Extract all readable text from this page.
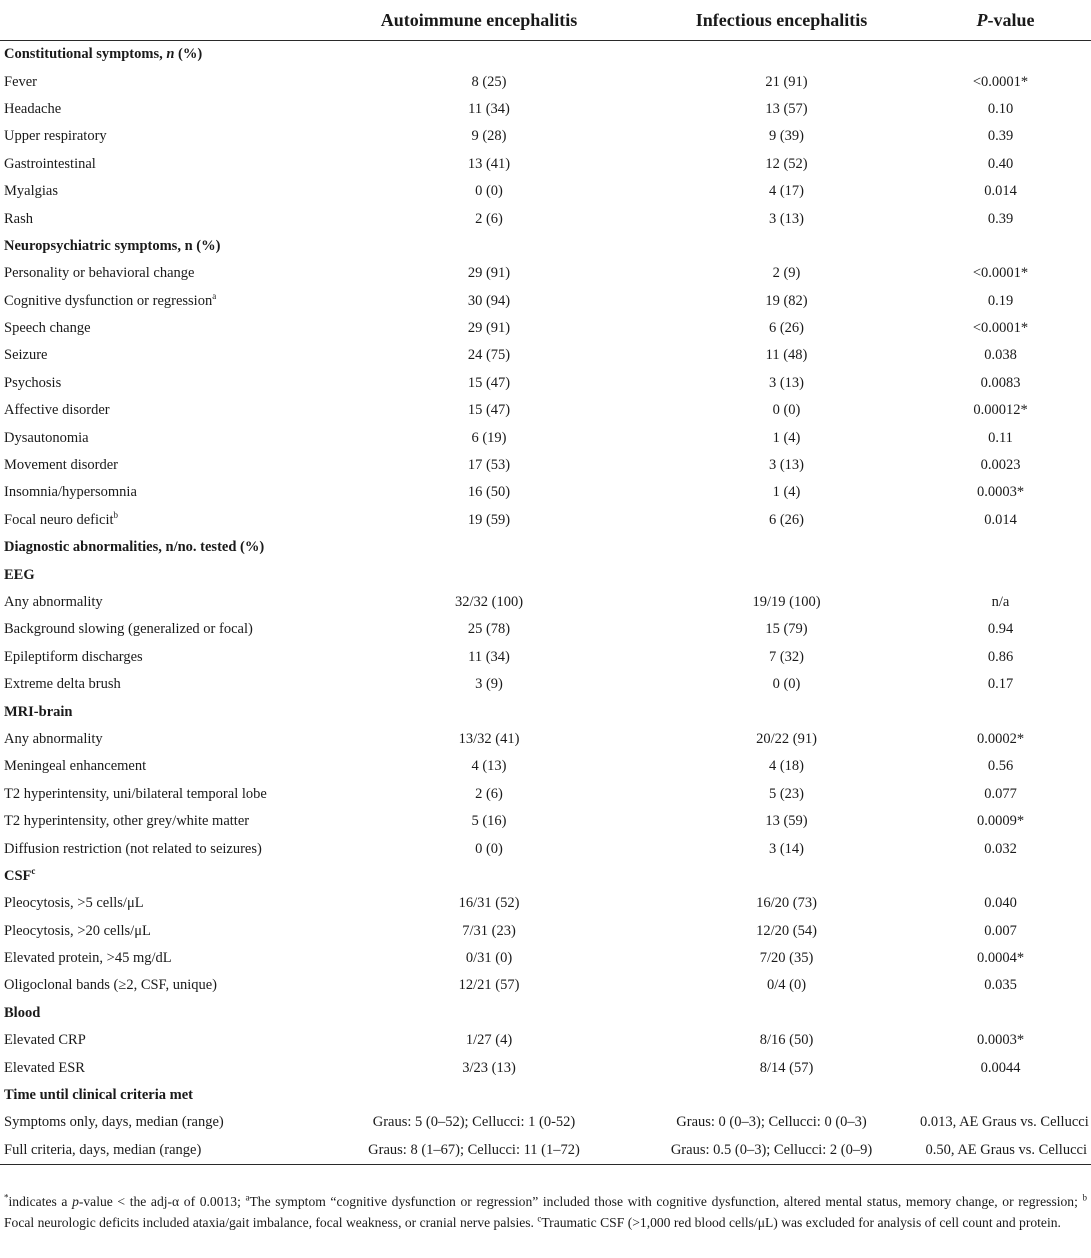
	Autoimmune encephalitis	Infectious encephalitis	P-value
Constitutional symptoms, n (%)			
Fever	8 (25)	21 (91)	<0.0001*
Headache	11 (34)	13 (57)	0.10
Upper respiratory	9 (28)	9 (39)	0.39
Gastrointestinal	13 (41)	12 (52)	0.40
Myalgias	0 (0)	4 (17)	0.014
Rash	2 (6)	3 (13)	0.39
Neuropsychiatric symptoms, n (%)			
Personality or behavioral change	29 (91)	2 (9)	<0.0001*
Cognitive dysfunction or regression$^a$	30 (94)	19 (82)	0.19
Speech change	29 (91)	6 (26)	<0.0001*
Seizure	24 (75)	11 (48)	0.038
Psychosis	15 (47)	3 (13)	0.0083
Affective disorder	15 (47)	0 (0)	0.00012*
Dysautonomia	6 (19)	1 (4)	0.11
Movement disorder	17 (53)	3 (13)	0.0023
Insomnia/hypersomnia	16 (50)	1 (4)	0.0003*
Focal neuro deficit$^b$	19 (59)	6 (26)	0.014
Diagnostic abnormalities, n/no. tested (%)			
EEG			
Any abnormality	32/32 (100)	19/19 (100)	n/a
Background slowing (generalized or focal)	25 (78)	15 (79)	0.94
Epileptiform discharges	11 (34)	7 (32)	0.86
Extreme delta brush	3 (9)	0 (0)	0.17
MRI-brain			
Any abnormality	13/32 (41)	20/22 (91)	0.0002*
Meningeal enhancement	4 (13)	4 (18)	0.56
T2 hyperintensity, uni/bilateral temporal lobe	2 (6)	5 (23)	0.077
T2 hyperintensity, other grey/white matter	5 (16)	13 (59)	0.0009*
Diffusion restriction (not related to seizures)	0 (0)	3 (14)	0.032
CSF$^c$
Pleocytosis, >5 cells/μL	16/31 (52)	16/20 (73)	0.040
Pleocytosis, >20 cells/μL	7/31 (23)	12/20 (54)	0.007
Elevated protein, >45 mg/dL	0/31 (0)	7/20 (35)	0.0004*
Oligoclonal bands (≥2, CSF, unique)	12/21 (57)	0/4 (0)	0.035
Blood			
Elevated CRP	1/27 (4)	8/16 (50)	0.0003*
Elevated ESR	3/23 (13)	8/14 (57)	0.0044
Time until clinical criteria met			
Symptoms only, days, median (range)	Graus: 5 (0–52); Cellucci: 1 (0-52)	Graus: 0 (0–3); Cellucci: 0 (0–3)	0.013, AE Graus vs. Cellucci
Full criteria, days, median (range)	Graus: 8 (1–67); Cellucci: 11 (1–72)	Graus: 0.5 (0–3); Cellucci: 2 (0–9)	0.50, AE Graus vs. Cellucci
*indicates a p-value < the adj-α of 0.0013; $^a$The symptom “cognitive dysfunction or regression” included those with cognitive dysfunction, altered mental status, memory change, or regression; $^b$ Focal neurologic deficits included ataxia/gait imbalance, focal weakness, or cranial nerve palsies. $^c$Traumatic CSF (>1,000 red blood cells/μL) was excluded for analysis of cell count and protein.
